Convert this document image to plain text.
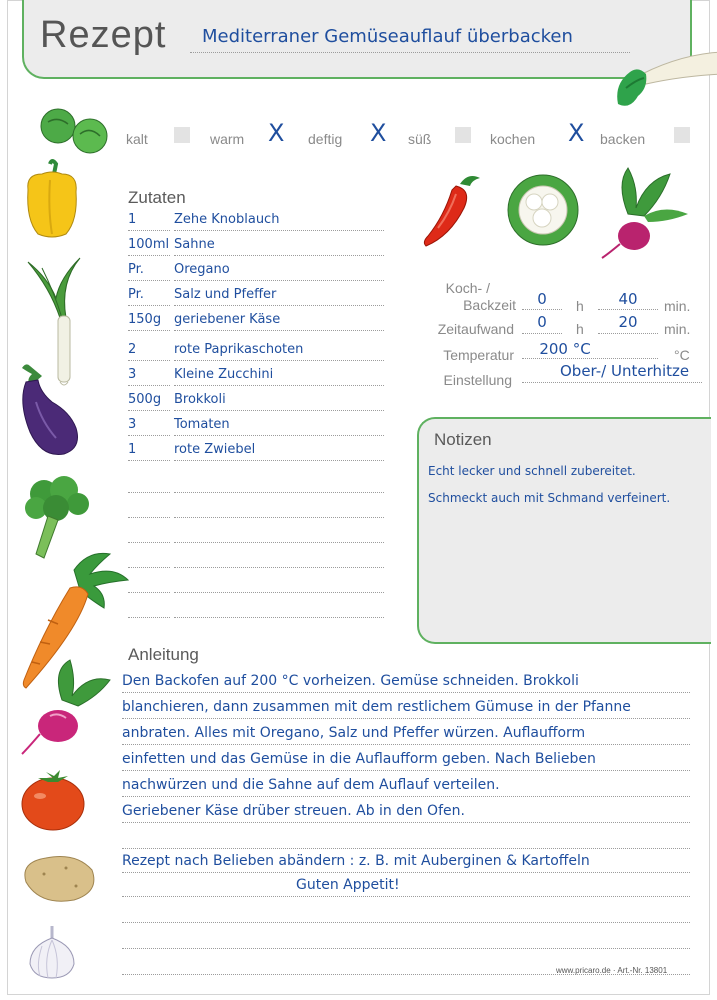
Rezept Mediterraner Gemüseauflauf überbacken
kalt	warm X deftig X süß	kochen X backen
Zutaten
1	Zehe Knoblauch
100ml Sahne
Pr. Oregano
Pr. Salz und Pfeffer
150g geriebener Käse
2	rote Paprikaschoten
3	Kleine Zucchini
500g Brokkoli
3	Tomaten
1	rote Zwiebel
Koch- /
Backzeit	0	h	40	min.
Zeitaufwand	0	h	20	min.
Temperatur	200 °C	°C
Einstellung	Ober-/ Unterhitze
Notizen
Echt lecker und schnell zubereitet.
Schmeckt auch mit Schmand verfeinert.
Anleitung
Den Backofen auf 200 °C vorheizen. Gemüse schneiden. Brokkoli
blanchieren, dann zusammen mit dem restlichem Gümuse in der Pfanne
anbraten. Alles mit Oregano, Salz und Pfeffer würzen. Auflaufform
einfetten und das Gemüse in die Auflaufform geben. Nach Belieben
nachwürzen und die Sahne auf dem Auflauf verteilen.
Geriebener Käse drüber streuen. Ab in den Ofen.
Rezept nach Belieben abändern : z. B. mit Auberginen & Kartoffeln
Guten Appetit!
www.pricaro.de · Art.-Nr. 13801
